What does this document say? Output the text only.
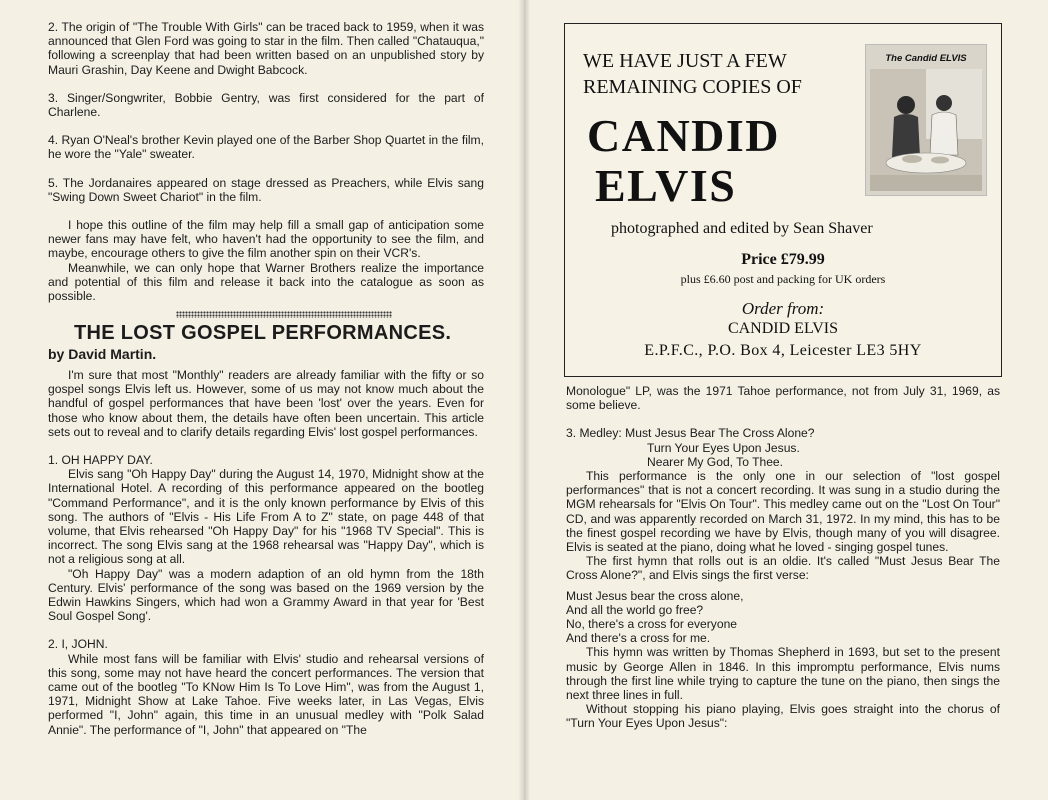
2. The origin of "The Trouble With Girls" can be traced back to 1959, when it was announced that Glen Ford was going to star in the film. Then called "Chatauqua," following a screenplay that had been written based on an unpublished story by Mauri Grashin, Day Keene and Dwight Babcock.

3. Singer/Songwriter, Bobbie Gentry, was first considered for the part of Charlene.

4. Ryan O'Neal's brother Kevin played one of the Barber Shop Quartet in the film, he wore the "Yale" sweater.

5. The Jordanaires appeared on stage dressed as Preachers, while Elvis sang "Swing Down Sweet Chariot" in the film.

I hope this outline of the film may help fill a small gap of anticipation some newer fans may have felt, who haven't had the opportunity to see the film, and maybe, encourage others to give the film another spin on their VCR's.

Meanwhile, we can only hope that Warner Brothers realize the importance and potential of this film and release it back into the catalogue as soon as possible.

THE LOST GOSPEL PERFORMANCES.
by David Martin.

I'm sure that most "Monthly" readers are already familiar with the fifty or so gospel songs Elvis left us. However, some of us may not know much about the handful of gospel performances that have been 'lost' over the years. Even for those who know about them, the details have often been uncertain. This article sets out to reveal and to clarify details regarding Elvis' lost gospel performances.

1. OH HAPPY DAY.

Elvis sang "Oh Happy Day" during the August 14, 1970, Midnight show at the International Hotel. A recording of this performance appeared on the bootleg "Command Performance", and it is the only known performance by Elvis of this song. The authors of "Elvis - His Life From A to Z" state, on page 448 of that volume, that Elvis rehearsed "Oh Happy Day" for his "1968 TV Special". This is incorrect. The song Elvis sang at the 1968 rehearsal was "Happy Day", which is not a religious song at all.

"Oh Happy Day" was a modern adaption of an old hymn from the 18th Century. Elvis' performance of the song was based on the 1969 version by the Edwin Hawkins Singers, which had won a Grammy Award in that year for 'Best Soul Gospel Song'.

2. I, JOHN.

While most fans will be familiar with Elvis' studio and rehearsal versions of this song, some may not have heard the concert performances. The version that came out of the bootleg "To KNow Him Is To Love Him", was from the August 1, 1971, Midnight Show at Lake Tahoe. Five weeks later, in Las Vegas, Elvis performed "I, John" again, this time in an unusual medley with "Polk Salad Annie". The performance of "I, John" that appeared on "The

WE HAVE JUST A FEW
REMAINING COPIES OF
CANDID
ELVIS
The Candid ELVIS
photographed and edited by Sean Shaver
Price £79.99
plus £6.60 post and packing for UK orders
Order from:
CANDID ELVIS
E.P.F.C., P.O. Box 4, Leicester LE3 5HY

Monologue" LP, was the 1971 Tahoe performance, not from July 31, 1969, as some believe.

3. Medley: Must Jesus Bear The Cross Alone?
Turn Your Eyes Upon Jesus.
Nearer My God, To Thee.

This performance is the only one in our selection of "lost gospel performances" that is not a concert recording. It was sung in a studio during the MGM rehearsals for "Elvis On Tour". This medley came out on the "Lost On Tour" CD, and was apparently recorded on March 31, 1972. In my mind, this has to be the finest gospel recording we have by Elvis, though many of you will disagree. Elvis is seated at the piano, doing what he loved - singing gospel tunes.

The first hymn that rolls out is an oldie. It's called "Must Jesus Bear The Cross Alone?", and Elvis sings the first verse:

Must Jesus bear the cross alone,

And all the world go free?

No, there's a cross for everyone

And there's a cross for me.

This hymn was written by Thomas Shepherd in 1693, but set to the present music by George Allen in 1846. In this impromptu performance, Elvis nums through the first line while trying to capture the tune on the piano, then sings the next three lines in full.

Without stopping his piano playing, Elvis goes straight into the chorus of "Turn Your Eyes Upon Jesus":
